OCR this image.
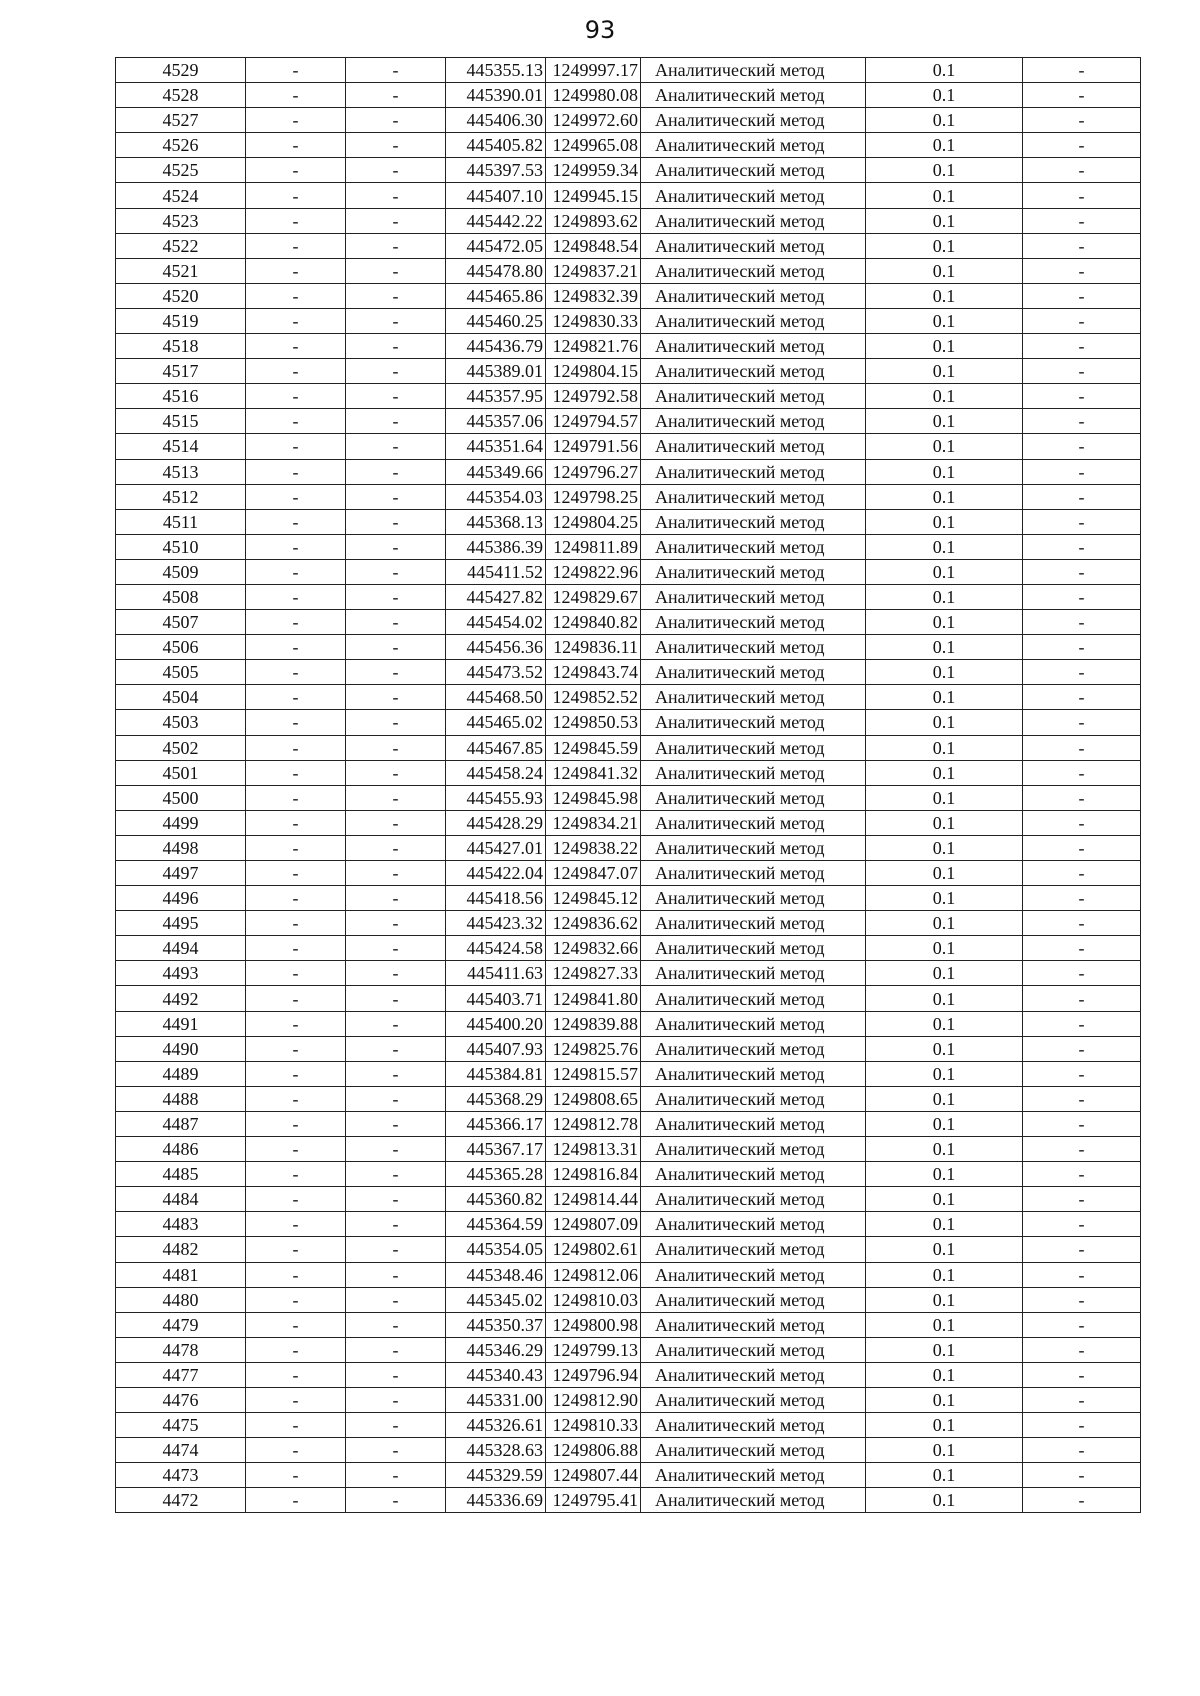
93
4529	-	-	445355.13	1249997.17	Аналитический метод	0.1	-
4528	-	-	445390.01	1249980.08	Аналитический метод	0.1	-
4527	-	-	445406.30	1249972.60	Аналитический метод	0.1	-
4526	-	-	445405.82	1249965.08	Аналитический метод	0.1	-
4525	-	-	445397.53	1249959.34	Аналитический метод	0.1	-
4524	-	-	445407.10	1249945.15	Аналитический метод	0.1	-
4523	-	-	445442.22	1249893.62	Аналитический метод	0.1	-
4522	-	-	445472.05	1249848.54	Аналитический метод	0.1	-
4521	-	-	445478.80	1249837.21	Аналитический метод	0.1	-
4520	-	-	445465.86	1249832.39	Аналитический метод	0.1	-
4519	-	-	445460.25	1249830.33	Аналитический метод	0.1	-
4518	-	-	445436.79	1249821.76	Аналитический метод	0.1	-
4517	-	-	445389.01	1249804.15	Аналитический метод	0.1	-
4516	-	-	445357.95	1249792.58	Аналитический метод	0.1	-
4515	-	-	445357.06	1249794.57	Аналитический метод	0.1	-
4514	-	-	445351.64	1249791.56	Аналитический метод	0.1	-
4513	-	-	445349.66	1249796.27	Аналитический метод	0.1	-
4512	-	-	445354.03	1249798.25	Аналитический метод	0.1	-
4511	-	-	445368.13	1249804.25	Аналитический метод	0.1	-
4510	-	-	445386.39	1249811.89	Аналитический метод	0.1	-
4509	-	-	445411.52	1249822.96	Аналитический метод	0.1	-
4508	-	-	445427.82	1249829.67	Аналитический метод	0.1	-
4507	-	-	445454.02	1249840.82	Аналитический метод	0.1	-
4506	-	-	445456.36	1249836.11	Аналитический метод	0.1	-
4505	-	-	445473.52	1249843.74	Аналитический метод	0.1	-
4504	-	-	445468.50	1249852.52	Аналитический метод	0.1	-
4503	-	-	445465.02	1249850.53	Аналитический метод	0.1	-
4502	-	-	445467.85	1249845.59	Аналитический метод	0.1	-
4501	-	-	445458.24	1249841.32	Аналитический метод	0.1	-
4500	-	-	445455.93	1249845.98	Аналитический метод	0.1	-
4499	-	-	445428.29	1249834.21	Аналитический метод	0.1	-
4498	-	-	445427.01	1249838.22	Аналитический метод	0.1	-
4497	-	-	445422.04	1249847.07	Аналитический метод	0.1	-
4496	-	-	445418.56	1249845.12	Аналитический метод	0.1	-
4495	-	-	445423.32	1249836.62	Аналитический метод	0.1	-
4494	-	-	445424.58	1249832.66	Аналитический метод	0.1	-
4493	-	-	445411.63	1249827.33	Аналитический метод	0.1	-
4492	-	-	445403.71	1249841.80	Аналитический метод	0.1	-
4491	-	-	445400.20	1249839.88	Аналитический метод	0.1	-
4490	-	-	445407.93	1249825.76	Аналитический метод	0.1	-
4489	-	-	445384.81	1249815.57	Аналитический метод	0.1	-
4488	-	-	445368.29	1249808.65	Аналитический метод	0.1	-
4487	-	-	445366.17	1249812.78	Аналитический метод	0.1	-
4486	-	-	445367.17	1249813.31	Аналитический метод	0.1	-
4485	-	-	445365.28	1249816.84	Аналитический метод	0.1	-
4484	-	-	445360.82	1249814.44	Аналитический метод	0.1	-
4483	-	-	445364.59	1249807.09	Аналитический метод	0.1	-
4482	-	-	445354.05	1249802.61	Аналитический метод	0.1	-
4481	-	-	445348.46	1249812.06	Аналитический метод	0.1	-
4480	-	-	445345.02	1249810.03	Аналитический метод	0.1	-
4479	-	-	445350.37	1249800.98	Аналитический метод	0.1	-
4478	-	-	445346.29	1249799.13	Аналитический метод	0.1	-
4477	-	-	445340.43	1249796.94	Аналитический метод	0.1	-
4476	-	-	445331.00	1249812.90	Аналитический метод	0.1	-
4475	-	-	445326.61	1249810.33	Аналитический метод	0.1	-
4474	-	-	445328.63	1249806.88	Аналитический метод	0.1	-
4473	-	-	445329.59	1249807.44	Аналитический метод	0.1	-
4472	-	-	445336.69	1249795.41	Аналитический метод	0.1	-
